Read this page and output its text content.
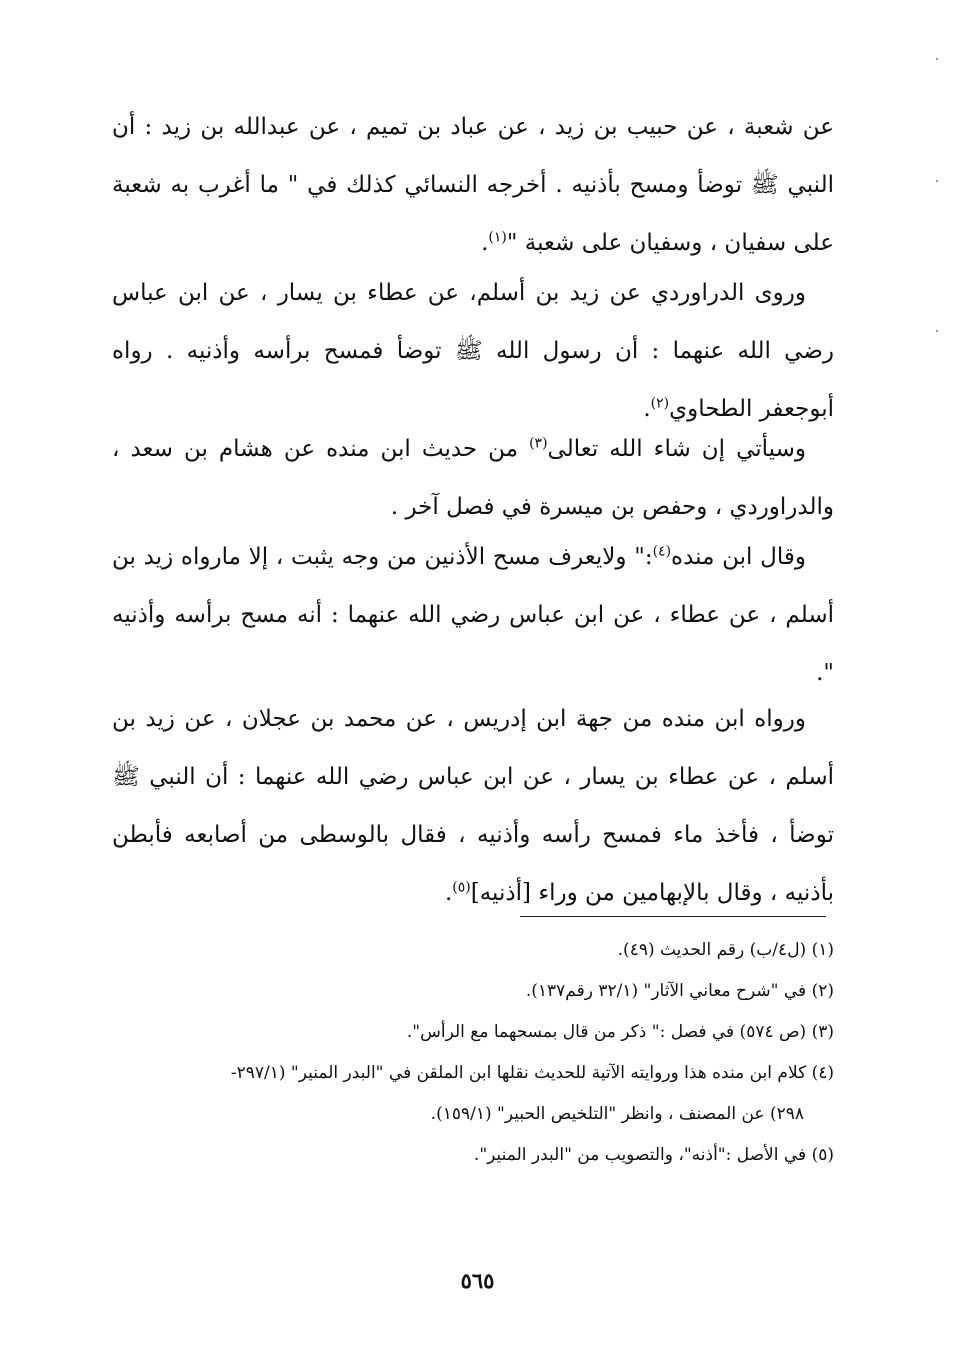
عن شعبة ، عن حبيب بن زيد ، عن عباد بن تميم ، عن عبدالله بن زيد : أن النبي ﷺ توضأ ومسح بأذنيه . أخرجه النسائي كذلك في " ما أغرب به شعبة على سفيان ، وسفيان على شعبة "$^{(١)}$.

وروى الدراوردي عن زيد بن أسلم، عن عطاء بن يسار ، عن ابن عباس رضي الله عنهما : أن رسول الله ﷺ توضأ فمسح برأسه وأذنيه . رواه أبوجعفر الطحاوي$^{(٢)}$.

وسيأتي إن شاء الله تعالى$^{(٣)}$ من حديث ابن منده عن هشام بن سعد ، والدراوردي ، وحفص بن ميسرة في فصل آخر .

وقال ابن منده$^{(٤)}$:" ولايعرف مسح الأذنين من وجه يثبت ، إلا مارواه زيد بن أسلم ، عن عطاء ، عن ابن عباس رضي الله عنهما : أنه مسح برأسه وأذنيه ".

ورواه ابن منده من جهة ابن إدريس ، عن محمد بن عجلان ، عن زيد بن أسلم ، عن عطاء بن يسار ، عن ابن عباس رضي الله عنهما : أن النبي ﷺ توضأ ، فأخذ ماء فمسح رأسه وأذنيه ، فقال بالوسطى من أصابعه فأبطن بأذنيه ، وقال بالإبهامين من وراء [أذنيه]$^{(٥)}$.

(١) (ل٤/ب) رقم الحديث (٤٩).
(٢) في "شرح معاني الآثار" (٣٢/١ رقم١٣٧).
(٣) (ص ٥٧٤) في فصل :" ذكر من قال بمسحهما مع الرأس".
(٤) كلام ابن منده هذا وروايته الآتية للحديث نقلها ابن الملقن في "البدر المنير" (٢٩٧/١-
٢٩٨) عن المصنف ، وانظر "التلخيص الحبير" (١٥٩/١).
(٥) في الأصل :"أذنه"، والتصويب من "البدر المنير".
٥٦٥
